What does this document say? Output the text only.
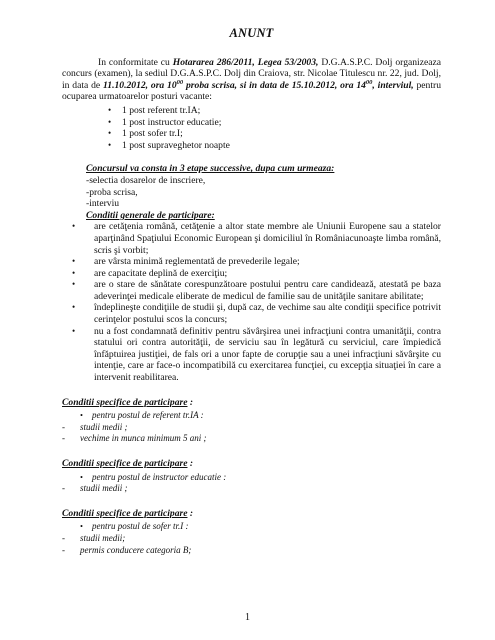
ANUNT

In conformitate cu Hotararea 286/2011, Legea 53/2003, D.G.A.S.P.C. Dolj organizeaza concurs (examen), la sediul D.G.A.S.P.C. Dolj din Craiova, str. Nicolae Titulescu nr. 22, jud. Dolj, in data de 11.10.2012, ora $10^{00}$ proba scrisa, si in data de 15.10.2012, ora $14^{00}$, interviul, pentru ocuparea urmatoarelor posturi vacante:

• 1 post referent tr.IA;
• 1 post instructor educatie;
• 1 post sofer tr.I;
• 1 post supraveghetor noapte

Concursul va consta in 3 etape successive, dupa cum urmeaza:

-selectia dosarelor de inscriere,

-proba scrisa,

-interviu

Conditii generale de participare:

• are cetăţenia română, cetăţenie a altor state membre ale Uniunii Europene sau a statelor aparţinând Spaţiului Economic European şi domiciliul în Româniacunoaşte limba română, scris şi vorbit;
• are vârsta minimă reglementată de prevederile legale;
• are capacitate deplină de exerciţiu;
• are o stare de sănătate corespunzătoare postului pentru care candidează, atestată pe baza adeverinţei medicale eliberate de medicul de familie sau de unităţile sanitare abilitate;
• îndeplineşte condiţiile de studii şi, după caz, de vechime sau alte condiţii specifice potrivit cerinţelor postului scos la concurs;
• nu a fost condamnată definitiv pentru săvârşirea unei infracţiuni contra umanităţii, contra statului ori contra autorităţii, de serviciu sau în legătură cu serviciul, care împiedică înfăptuirea justiţiei, de fals ori a unor fapte de corupţie sau a unei infracţiuni săvârşite cu intenţie, care ar face-o incompatibilă cu exercitarea funcţiei, cu excepţia situaţiei în care a intervenit reabilitarea.

Conditii specifice de participare :

• pentru postul de referent tr.IA :
- studii medii ;
- vechime in munca minimum 5 ani ;

Conditii specifice de participare :

• pentru postul de instructor educatie :
- studii medii ;

Conditii specifice de participare :

• pentru postul de sofer tr.I :
- studii medii;
- permis conducere categoria B;
1
